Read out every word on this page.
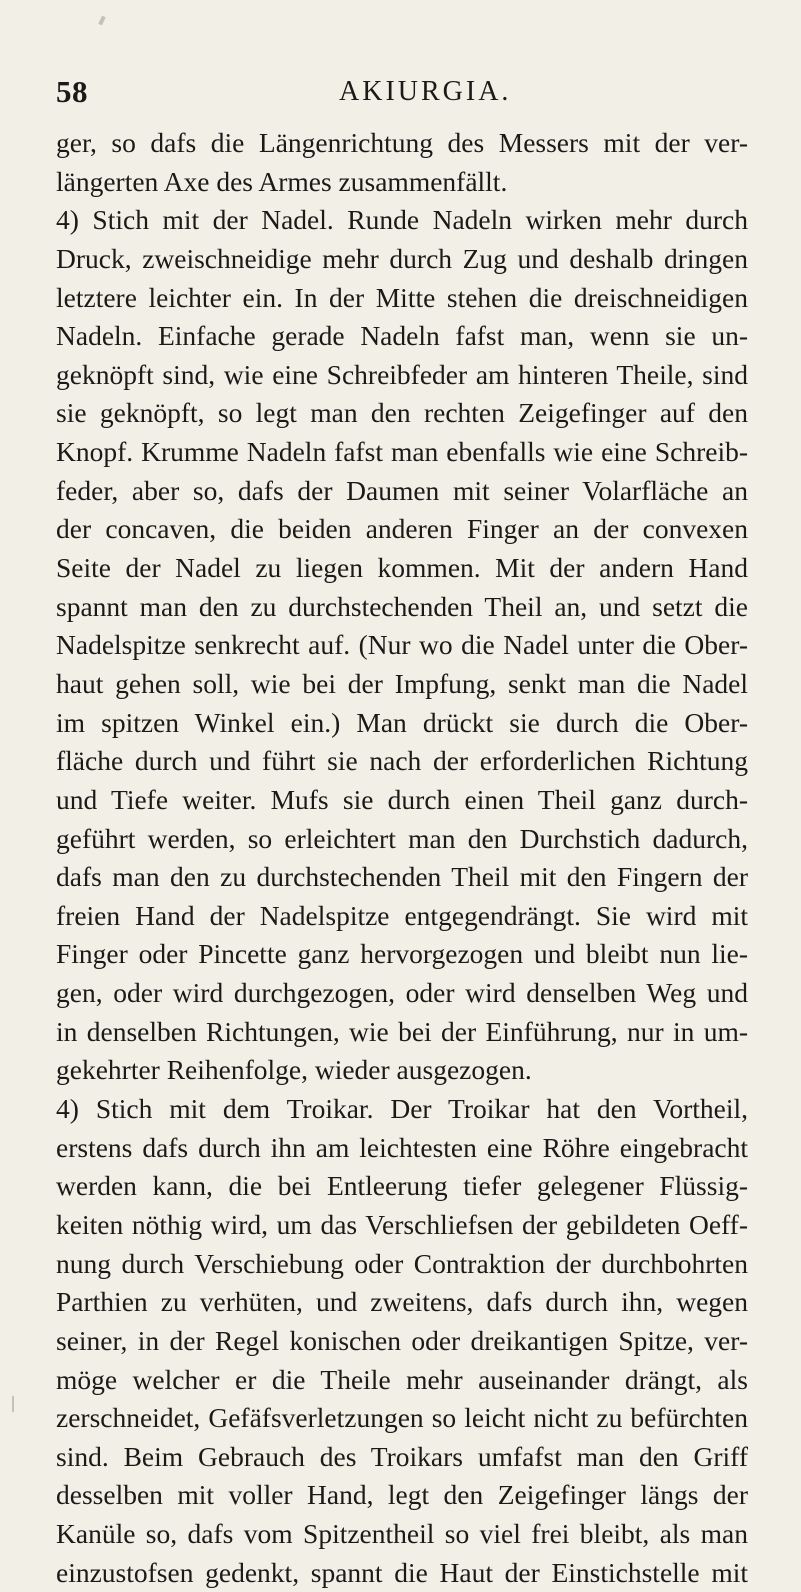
58	AKIURGIA.
ger, so dafs die Längenrichtung des Messers mit der ver-
längerten Axe des Armes zusammenfällt.
4) Stich mit der Nadel. Runde Nadeln wirken mehr durch
Druck, zweischneidige mehr durch Zug und deshalb dringen
letztere leichter ein. In der Mitte stehen die dreischneidigen
Nadeln. Einfache gerade Nadeln fafst man, wenn sie un-
geknöpft sind, wie eine Schreibfeder am hinteren Theile, sind
sie geknöpft, so legt man den rechten Zeigefinger auf den
Knopf. Krumme Nadeln fafst man ebenfalls wie eine Schreib-
feder, aber so, dafs der Daumen mit seiner Volarfläche an
der concaven, die beiden anderen Finger an der convexen
Seite der Nadel zu liegen kommen. Mit der andern Hand
spannt man den zu durchstechenden Theil an, und setzt die
Nadelspitze senkrecht auf. (Nur wo die Nadel unter die Ober-
haut gehen soll, wie bei der Impfung, senkt man die Nadel
im spitzen Winkel ein.) Man drückt sie durch die Ober-
fläche durch und führt sie nach der erforderlichen Richtung
und Tiefe weiter. Mufs sie durch einen Theil ganz durch-
geführt werden, so erleichtert man den Durchstich dadurch,
dafs man den zu durchstechenden Theil mit den Fingern der
freien Hand der Nadelspitze entgegendrängt. Sie wird mit
Finger oder Pincette ganz hervorgezogen und bleibt nun lie-
gen, oder wird durchgezogen, oder wird denselben Weg und
in denselben Richtungen, wie bei der Einführung, nur in um-
gekehrter Reihenfolge, wieder ausgezogen.
4) Stich mit dem Troikar. Der Troikar hat den Vortheil,
erstens dafs durch ihn am leichtesten eine Röhre eingebracht
werden kann, die bei Entleerung tiefer gelegener Flüssig-
keiten nöthig wird, um das Verschliefsen der gebildeten Oeff-
nung durch Verschiebung oder Contraktion der durchbohrten
Parthien zu verhüten, und zweitens, dafs durch ihn, wegen
seiner, in der Regel konischen oder dreikantigen Spitze, ver-
möge welcher er die Theile mehr auseinander drängt, als
zerschneidet, Gefäfsverletzungen so leicht nicht zu befürchten
sind. Beim Gebrauch des Troikars umfafst man den Griff
desselben mit voller Hand, legt den Zeigefinger längs der
Kanüle so, dafs vom Spitzentheil so viel frei bleibt, als man
einzustofsen gedenkt, spannt die Haut der Einstichstelle mit
